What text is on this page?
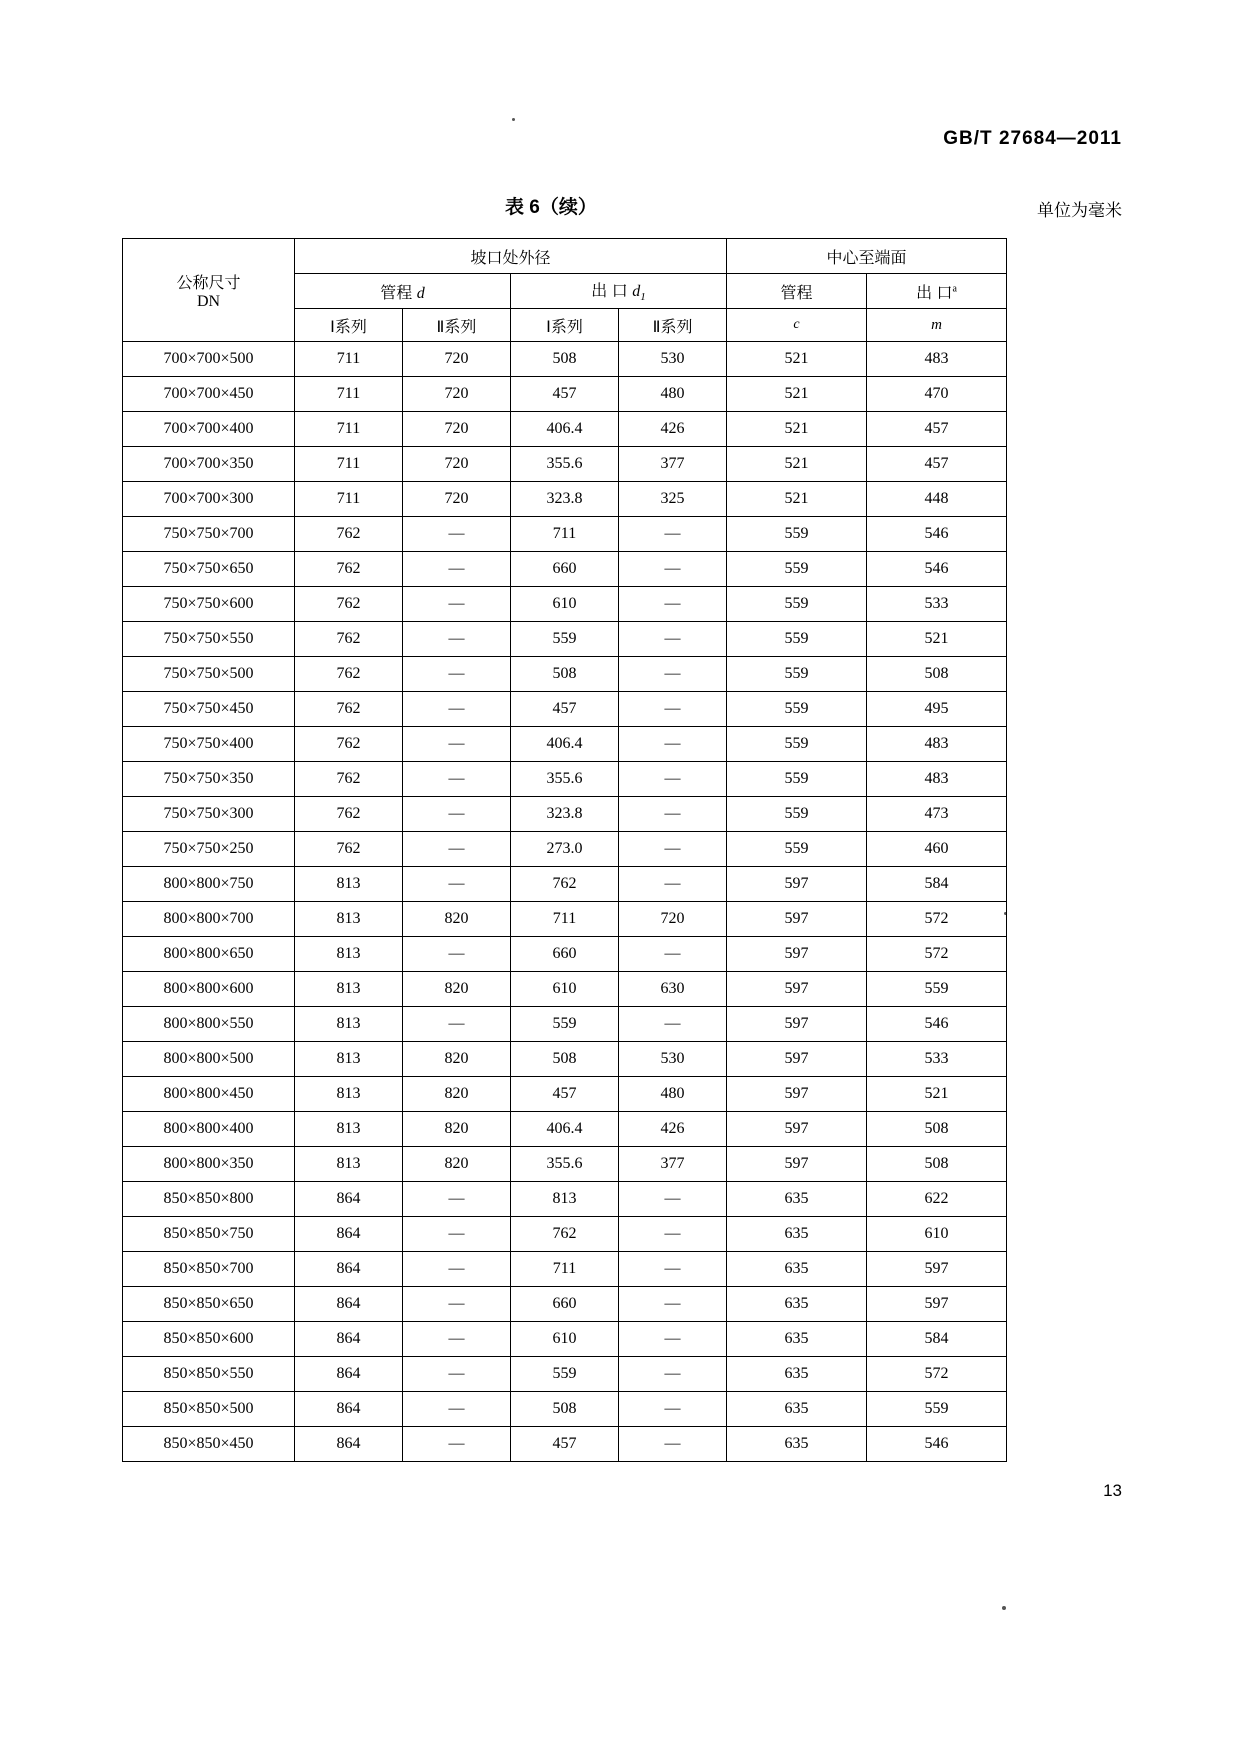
GB/T 27684—2011
表 6（续）	单位为毫米
公称尺寸
DN	坡口处外径				中心至端面	
	管程 d		出 口 $d_1$		管程	出 口$^a$
	Ⅰ系列	Ⅱ系列	Ⅰ系列	Ⅱ系列	c	m
700×700×500	711	720	508	530	521	483
700×700×450	711	720	457	480	521	470
700×700×400	711	720	406.4	426	521	457
700×700×350	711	720	355.6	377	521	457
700×700×300	711	720	323.8	325	521	448
750×750×700	762	—	711	—	559	546
750×750×650	762	—	660	—	559	546
750×750×600	762	—	610	—	559	533
750×750×550	762	—	559	—	559	521
750×750×500	762	—	508	—	559	508
750×750×450	762	—	457	—	559	495
750×750×400	762	—	406.4	—	559	483
750×750×350	762	—	355.6	—	559	483
750×750×300	762	—	323.8	—	559	473
750×750×250	762	—	273.0	—	559	460
800×800×750	813	—	762	—	597	584
800×800×700	813	820	711	720	597	572
800×800×650	813	—	660	—	597	572
800×800×600	813	820	610	630	597	559
800×800×550	813	—	559	—	597	546
800×800×500	813	820	508	530	597	533
800×800×450	813	820	457	480	597	521
800×800×400	813	820	406.4	426	597	508
800×800×350	813	820	355.6	377	597	508
850×850×800	864	—	813	—	635	622
850×850×750	864	—	762	—	635	610
850×850×700	864	—	711	—	635	597
850×850×650	864	—	660	—	635	597
850×850×600	864	—	610	—	635	584
850×850×550	864	—	559	—	635	572
850×850×500	864	—	508	—	635	559
850×850×450	864	—	457	—	635	546
13
